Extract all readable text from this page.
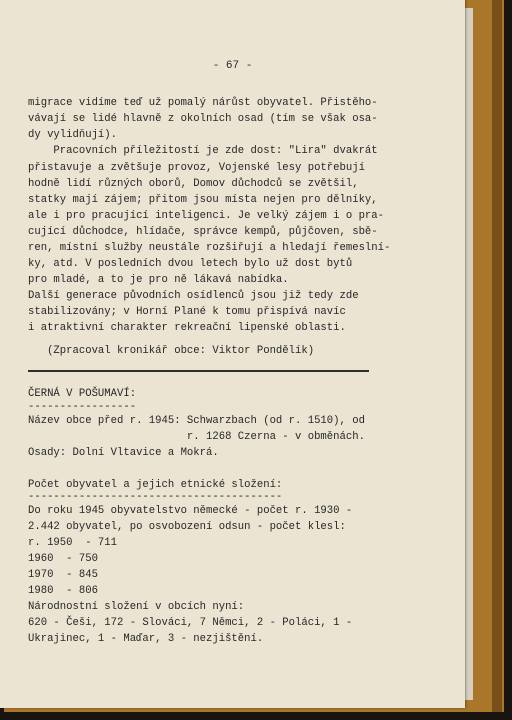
- 67 -
migrace vidíme teď už pomalý nárůst obyvatel. Přistěho-
vávají se lidé hlavně z okolních osad (tím se však osa-
dy vylidňují).
Pracovních příležitostí je zde dost: "Lira" dvakrát
přistavuje a zvětšuje provoz, Vojenské lesy potřebují
hodně lidí různých oborů, Domov důchodců se zvětšil,
statky mají zájem; přitom jsou místa nejen pro dělníky,
ale i pro pracující inteligenci. Je velký zájem i o pra-
cující důchodce, hlídače, správce kempů, půjčoven, sbě-
ren, místní služby neustále rozšiřují a hledají řemeslní-
ky, atd. V posledních dvou letech bylo už dost bytů
pro mladé, a to je pro ně lákavá nabídka.
Další generace původních osídlenců jsou již tedy zde
stabilizovány; v Horní Plané k tomu přispívá navíc
i atraktivní charakter rekreační lipenské oblasti.
(Zpracoval kronikář obce: Viktor Pondělík)
ČERNÁ V POŠUMAVÍ:
-----------------
Název obce před r. 1945: Schwarzbach (od r. 1510), od
r. 1268 Czerna - v obměnách.
Osady: Dolní Vltavice a Mokrá.
Počet obyvatel a jejich etnické složení:
----------------------------------------
Do roku 1945 obyvatelstvo německé - počet r. 1930 -
2.442 obyvatel, po osvobození odsun - počet klesl:
r. 1950  - 711
1960  - 750
1970  - 845
1980  - 806
Národnostní složení v obcích nyní:
620 - Češi, 172 - Slováci, 7 Němci, 2 - Poláci, 1 -
Ukrajinec, 1 - Maďar, 3 - nezjištění.
